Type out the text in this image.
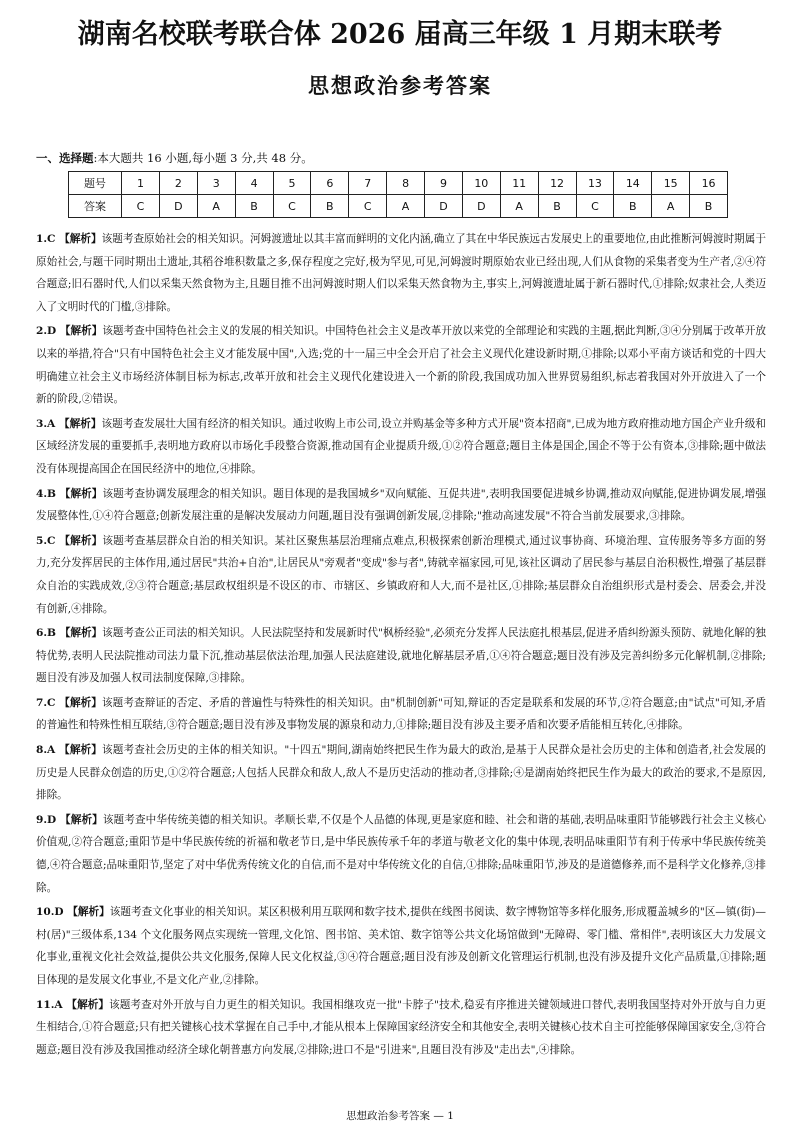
湖南名校联考联合体 2026 届高三年级 1 月期末联考
思想政治参考答案
一、选择题:本大题共 16 小题,每小题 3 分,共 48 分。
题号	1	2	3	4	5	6	7	8	9	10	11	12	13	14	15	16
答案	C	D	A	B	C	B	C	A	D	D	A	B	C	B	A	B

1.C 【解析】该题考查原始社会的相关知识。河姆渡遗址以其丰富而鲜明的文化内涵,确立了其在中华民族远古发展史上的重要地位,由此推断河姆渡时期属于原始社会,与题干同时期出土遗址,其稻谷堆积数量之多,保存程度之完好,极为罕见,可见,河姆渡时期原始农业已经出现,人们从食物的采集者变为生产者,②④符合题意;旧石器时代,人们以采集天然食物为主,且题目推不出河姆渡时期人们以采集天然食物为主,事实上,河姆渡遗址属于新石器时代,①排除;奴隶社会,人类迈入了文明时代的门槛,③排除。

2.D 【解析】该题考查中国特色社会主义的发展的相关知识。中国特色社会主义是改革开放以来党的全部理论和实践的主题,据此判断,③④分别属于改革开放以来的举措,符合"只有中国特色社会主义才能发展中国",入选;党的十一届三中全会开启了社会主义现代化建设新时期,①排除;以邓小平南方谈话和党的十四大明确建立社会主义市场经济体制目标为标志,改革开放和社会主义现代化建设进入一个新的阶段,我国成功加入世界贸易组织,标志着我国对外开放进入了一个新的阶段,②错误。

3.A 【解析】该题考查发展壮大国有经济的相关知识。通过收购上市公司,设立并购基金等多种方式开展"资本招商",已成为地方政府推动地方国企产业升级和区域经济发展的重要抓手,表明地方政府以市场化手段整合资源,推动国有企业提质升级,①②符合题意;题目主体是国企,国企不等于公有资本,③排除;题中做法没有体现提高国企在国民经济中的地位,④排除。

4.B 【解析】该题考查协调发展理念的相关知识。题目体现的是我国城乡"双向赋能、互促共进",表明我国要促进城乡协调,推动双向赋能,促进协调发展,增强发展整体性,①④符合题意;创新发展注重的是解决发展动力问题,题目没有强调创新发展,②排除;"推动高速发展"不符合当前发展要求,③排除。

5.C 【解析】该题考查基层群众自治的相关知识。某社区聚焦基层治理痛点难点,积极探索创新治理模式,通过议事协商、环境治理、宣传服务等多方面的努力,充分发挥居民的主体作用,通过居民"共治+自治",让居民从"旁观者"变成"参与者",铸就幸福家园,可见,该社区调动了居民参与基层自治积极性,增强了基层群众自治的实践成效,②③符合题意;基层政权组织是不设区的市、市辖区、乡镇政府和人大,而不是社区,①排除;基层群众自治组织形式是村委会、居委会,并没有创新,④排除。

6.B 【解析】该题考查公正司法的相关知识。人民法院坚持和发展新时代"枫桥经验",必须充分发挥人民法庭扎根基层,促进矛盾纠纷源头预防、就地化解的独特优势,表明人民法院推动司法力量下沉,推动基层依法治理,加强人民法庭建设,就地化解基层矛盾,①④符合题意;题目没有涉及完善纠纷多元化解机制,②排除;题目没有涉及加强人权司法制度保障,③排除。

7.C 【解析】该题考查辩证的否定、矛盾的普遍性与特殊性的相关知识。由"机制创新"可知,辩证的否定是联系和发展的环节,②符合题意;由"试点"可知,矛盾的普遍性和特殊性相互联结,③符合题意;题目没有涉及事物发展的源泉和动力,①排除;题目没有涉及主要矛盾和次要矛盾能相互转化,④排除。

8.A 【解析】该题考查社会历史的主体的相关知识。"十四五"期间,湖南始终把民生作为最大的政治,是基于人民群众是社会历史的主体和创造者,社会发展的历史是人民群众创造的历史,①②符合题意;人包括人民群众和敌人,敌人不是历史活动的推动者,③排除;④是湖南始终把民生作为最大的政治的要求,不是原因,排除。

9.D 【解析】该题考查中华传统美德的相关知识。孝顺长辈,不仅是个人品德的体现,更是家庭和睦、社会和谐的基础,表明品味重阳节能够践行社会主义核心价值观,②符合题意;重阳节是中华民族传统的祈福和敬老节日,是中华民族传承千年的孝道与敬老文化的集中体现,表明品味重阳节有利于传承中华民族传统美德,④符合题意;品味重阳节,坚定了对中华优秀传统文化的自信,而不是对中华传统文化的自信,①排除;品味重阳节,涉及的是道德修养,而不是科学文化修养,③排除。

10.D 【解析】该题考查文化事业的相关知识。某区积极利用互联网和数字技术,提供在线图书阅读、数字博物馆等多样化服务,形成覆盖城乡的"区—镇(街)—村(居)"三级体系,134 个文化服务网点实现统一管理,文化馆、图书馆、美术馆、数字馆等公共文化场馆做到"无障碍、零门槛、常相伴",表明该区大力发展文化事业,重视文化社会效益,提供公共文化服务,保障人民文化权益,③④符合题意;题目没有涉及创新文化管理运行机制,也没有涉及提升文化产品质量,①排除;题目体现的是发展文化事业,不是文化产业,②排除。

11.A 【解析】该题考查对外开放与自力更生的相关知识。我国相继攻克一批"卡脖子"技术,稳妥有序推进关键领域进口替代,表明我国坚持对外开放与自力更生相结合,①符合题意;只有把关键核心技术掌握在自己手中,才能从根本上保障国家经济安全和其他安全,表明关键核心技术自主可控能够保障国家安全,③符合题意;题目没有涉及我国推动经济全球化朝普惠方向发展,②排除;进口不是"引进来",且题目没有涉及"走出去",④排除。

思想政治参考答案 — 1
